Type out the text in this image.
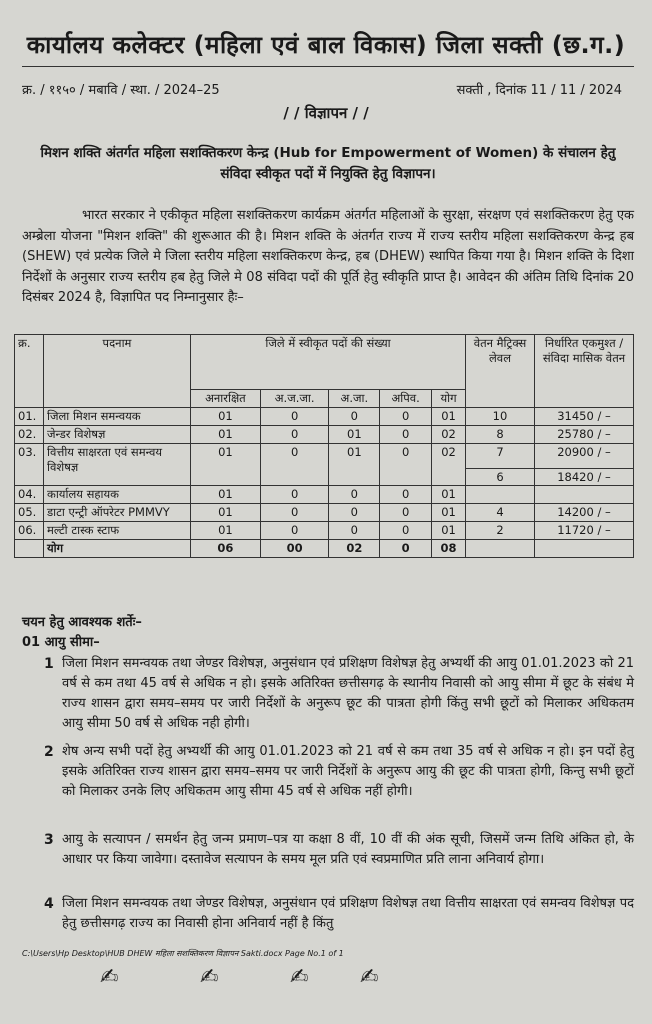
कार्यालय कलेक्टर (महिला एवं बाल विकास) जिला सक्ती (छ.ग.)
क्र. / ११५० / मबावि / स्था. / 2024–25	सक्ती , दिनांक 11 / 11 / 2024
/ / विज्ञापन / /
मिशन शक्ति अंतर्गत महिला सशक्तिकरण केन्द्र (Hub for Empowerment of Women) के संचालन हेतु संविदा स्वीकृत पदों में नियुक्ति हेतु विज्ञापन।
भारत सरकार ने एकीकृत महिला सशक्तिकरण कार्यक्रम अंतर्गत महिलाओं के सुरक्षा, संरक्षण एवं सशक्तिकरण हेतु एक अम्ब्रेला योजना "मिशन शक्ति" की शुरूआत की है। मिशन शक्ति के अंतर्गत राज्य में राज्य स्तरीय महिला सशक्तिकरण केन्द्र हब (SHEW) एवं प्रत्येक जिले मे जिला स्तरीय महिला सशक्तिकरण केन्द्र, हब (DHEW) स्थापित किया गया है। मिशन शक्ति के दिशा निर्देशों के अनुसार राज्य स्तरीय हब हेतु जिले मे 08 संविदा पदों की पूर्ति हेतु स्वीकृति प्राप्त है। आवेदन की अंतिम तिथि दिनांक 20 दिसंबर 2024 है, विज्ञापित पद निम्नानुसार हैः–
क्र.	पदनाम	जिले में स्वीकृत पदों की संख्या					वेतन मैट्रिक्स लेवल	निर्धारित एकमुश्त / संविदा मासिक वेतन
		अनारक्षित	अ.ज.जा.	अ.जा.	अपिव.	योग		
01.	जिला मिशन समन्वयक	01	0	0	0	01	10	31450 / –
02.	जेन्डर विशेषज्ञ	01	0	01	0	02	8	25780 / –
03.	वित्तीय साक्षरता एवं समन्वय विशेषज्ञ	01	0	01	0	02	7	20900 / –
							6	18420 / –
04.	कार्यालय सहायक	01	0	0	0	01		
05.	डाटा एन्ट्री ऑपरेटर PMMVY	01	0	0	0	01	4	14200 / –
06.	मल्टी टास्क स्टाफ	01	0	0	0	01	2	11720 / –
	योग	06	00	02	0	08		
चयन हेतु आवश्यक शर्तेः–
01 आयु सीमा–
1 जिला मिशन समन्वयक तथा जेण्डर विशेषज्ञ, अनुसंधान एवं प्रशिक्षण विशेषज्ञ हेतु अभ्यर्थी की आयु 01.01.2023 को 21 वर्ष से कम तथा 45 वर्ष से अधिक न हो। इसके अतिरिक्त छत्तीसगढ़ के स्थानीय निवासी को आयु सीमा में छूट के संबंध मे राज्य शासन द्वारा समय–समय पर जारी निर्देशों के अनुरूप छूट की पात्रता होगी किंतु सभी छूटों को मिलाकर अधिकतम आयु सीमा 50 वर्ष से अधिक नही होगी।
2 शेष अन्य सभी पदों हेतु अभ्यर्थी की आयु 01.01.2023 को 21 वर्ष से कम तथा 35 वर्ष से अधिक न हो। इन पदों हेतु इसके अतिरिक्त राज्य शासन द्वारा समय–समय पर जारी निर्देशों के अनुरूप आयु की छूट की पात्रता होगी, किन्तु सभी छूटों को मिलाकर उनके लिए अधिकतम आयु सीमा 45 वर्ष से अधिक नहीं होगी।
3 आयु के सत्यापन / समर्थन हेतु जन्म प्रमाण–पत्र या कक्षा 8 वीं, 10 वीं की अंक सूची, जिसमें जन्म तिथि अंकित हो, के आधार पर किया जावेगा। दस्तावेज सत्यापन के समय मूल प्रति एवं स्वप्रमाणित प्रति लाना अनिवार्य होगा।
4 जिला मिशन समन्वयक तथा जेण्डर विशेषज्ञ, अनुसंधान एवं प्रशिक्षण विशेषज्ञ तथा वित्तीय साक्षरता एवं समन्वय विशेषज्ञ पद हेतु छत्तीसगढ़ राज्य का निवासी होना अनिवार्य नहीं है किंतु
C:\Users\Hp Desktop\HUB DHEW महिला सशक्तिकरण विज्ञापन Sakti.docx Page No.1 of 1
✍	✍	✍ ✍
